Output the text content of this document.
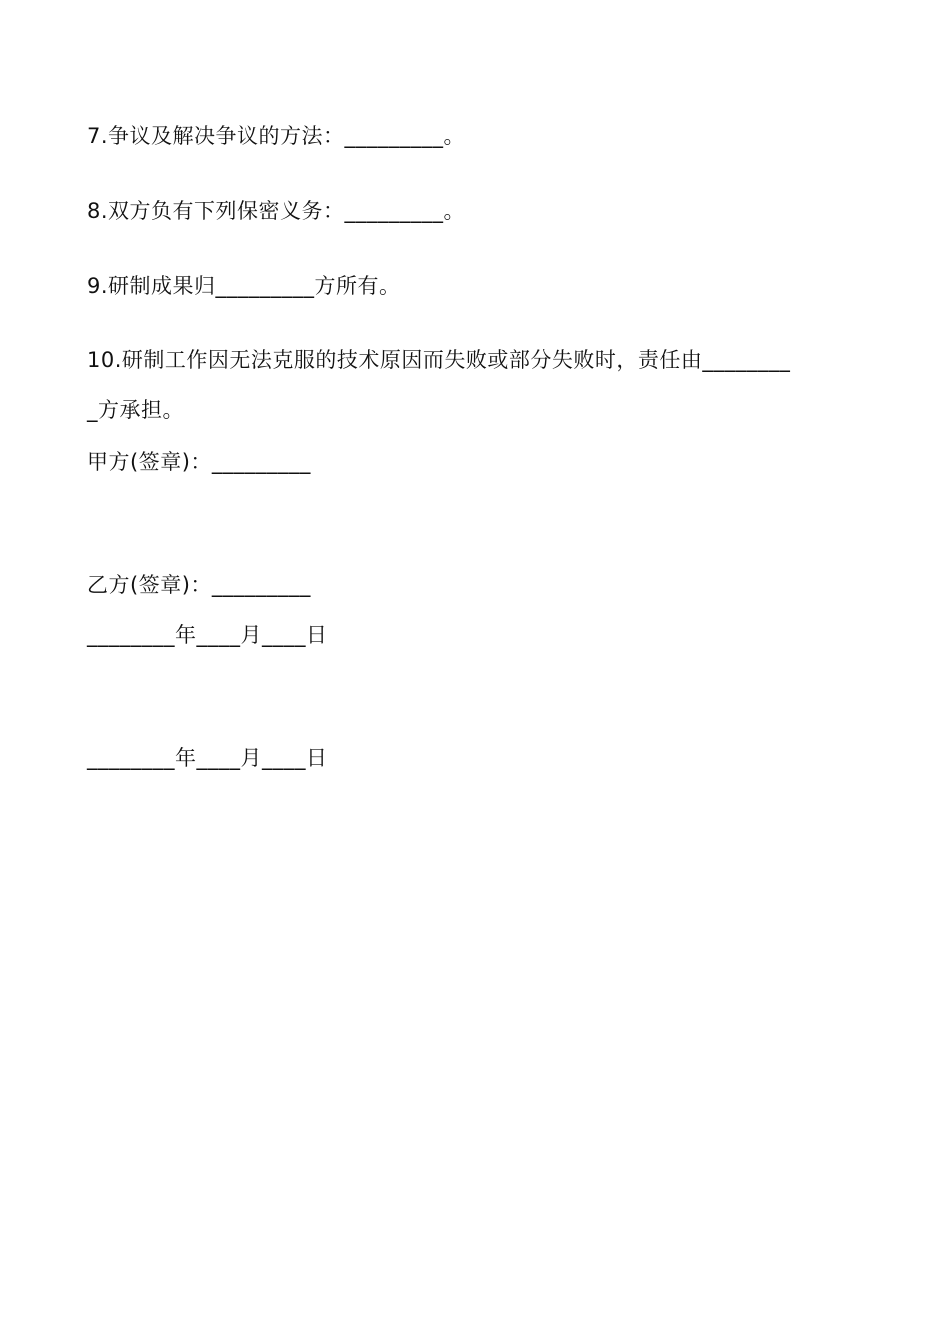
7.争议及解决争议的方法：_________。
8.双方负有下列保密义务：_________。
9.研制成果归_________方所有。
10.研制工作因无法克服的技术原因而失败或部分失败时，责任由________
_方承担。
甲方(签章)：_________
乙方(签章)：_________
________年____月____日
________年____月____日
